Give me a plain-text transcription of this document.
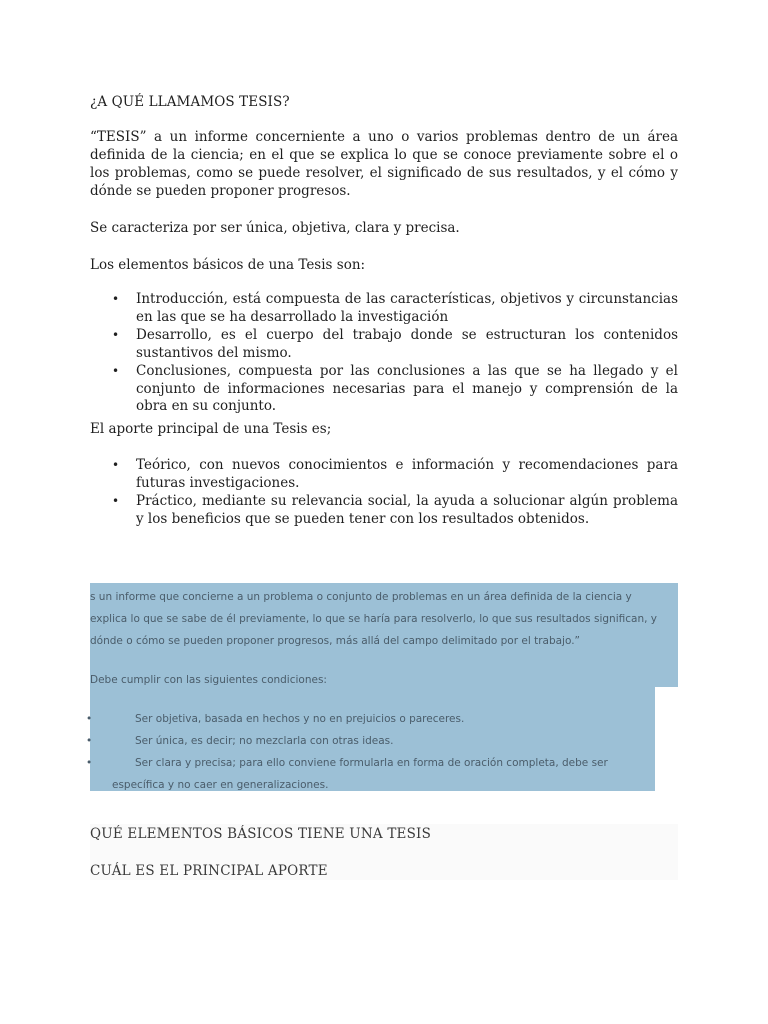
¿A QUÉ LLAMAMOS TESIS?
“TESIS” a un informe concerniente a uno o varios problemas dentro de un área definida de la ciencia; en el que se explica lo que se conoce previamente sobre el o los problemas, como se puede resolver, el significado de sus resultados, y el cómo y dónde se pueden proponer progresos.
Se caracteriza por ser única, objetiva, clara y precisa.
Los elementos básicos de una Tesis son:
• Introducción, está compuesta de las características, objetivos y circunstancias en las que se ha desarrollado la investigación
• Desarrollo, es el cuerpo del trabajo donde se estructuran los contenidos sustantivos del mismo.
• Conclusiones, compuesta por las conclusiones a las que se ha llegado y el conjunto de informaciones necesarias para el manejo y comprensión de la obra en su conjunto.
El aporte principal de una Tesis es;
• Teórico, con nuevos conocimientos e información y recomendaciones para futuras investigaciones.
• Práctico, mediante su relevancia social, la ayuda a solucionar algún problema y los beneficios que se pueden tener con los resultados obtenidos.
s un informe que concierne a un problema o conjunto de problemas en un área definida de la ciencia y
explica lo que se sabe de él previamente, lo que se haría para resolverlo, lo que sus resultados significan, y
dónde o cómo se pueden proponer progresos, más allá del campo delimitado por el trabajo.”
Debe cumplir con las siguientes condiciones:
•	Ser objetiva, basada en hechos y no en prejuicios o pareceres.
•	Ser única, es decir; no mezclarla con otras ideas.
•	Ser clara y precisa; para ello conviene formularla en forma de oración completa, debe ser
específica y no caer en generalizaciones.
QUÉ ELEMENTOS BÁSICOS TIENE UNA TESIS
CUÁL ES EL PRINCIPAL APORTE
